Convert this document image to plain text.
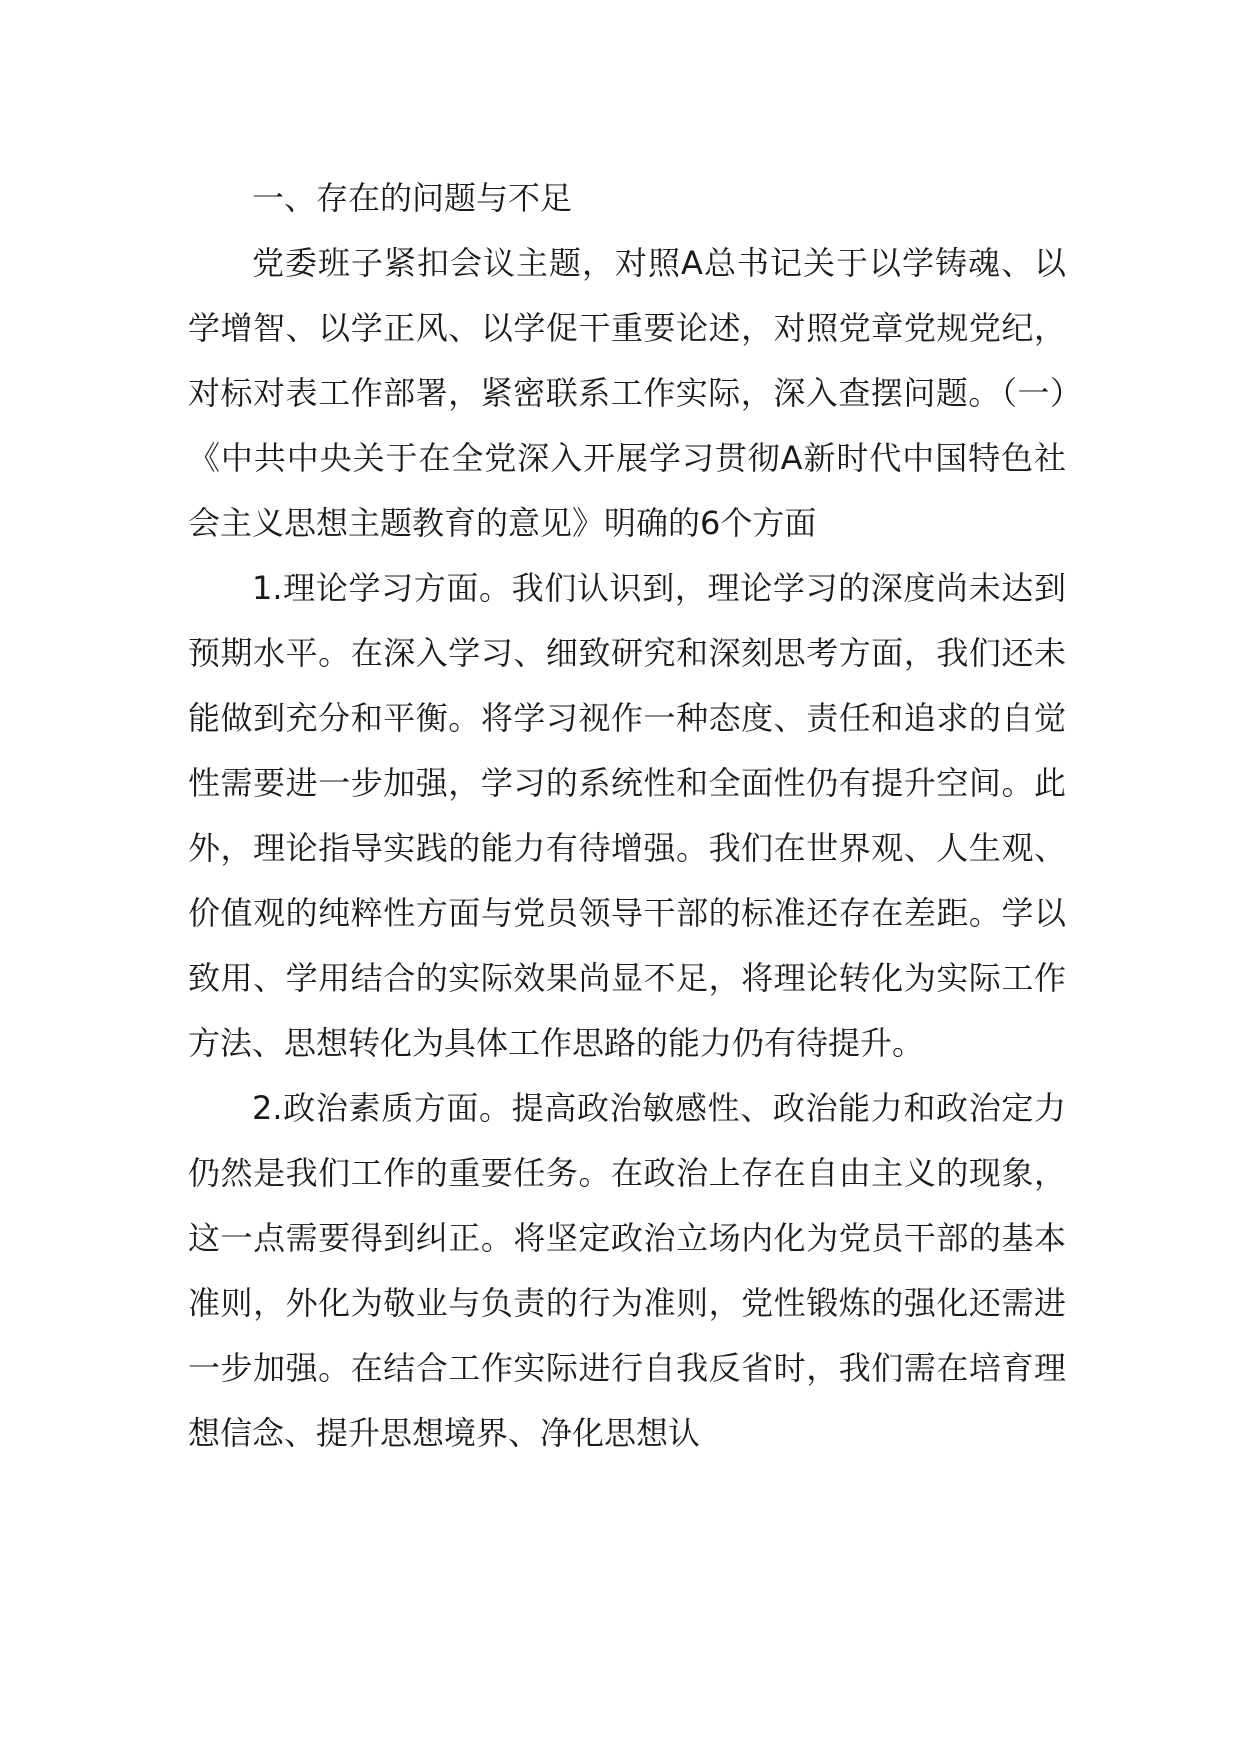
一、存在的问题与不足

党委班子紧扣会议主题，对照A总书记关于以学铸魂、以学增智、以学正风、以学促干重要论述，对照党章党规党纪，对标对表工作部署，紧密联系工作实际，深入查摆问题。（一）《中共中央关于在全党深入开展学习贯彻A新时代中国特色社会主义思想主题教育的意见》明确的6个方面

1.理论学习方面。我们认识到，理论学习的深度尚未达到预期水平。在深入学习、细致研究和深刻思考方面，我们还未能做到充分和平衡。将学习视作一种态度、责任和追求的自觉性需要进一步加强，学习的系统性和全面性仍有提升空间。此外，理论指导实践的能力有待增强。我们在世界观、人生观、价值观的纯粹性方面与党员领导干部的标准还存在差距。学以致用、学用结合的实际效果尚显不足，将理论转化为实际工作方法、思想转化为具体工作思路的能力仍有待提升。

2.政治素质方面。提高政治敏感性、政治能力和政治定力仍然是我们工作的重要任务。在政治上存在自由主义的现象，这一点需要得到纠正。将坚定政治立场内化为党员干部的基本准则，外化为敬业与负责的行为准则，党性锻炼的强化还需进一步加强。在结合工作实际进行自我反省时，我们需在培育理想信念、提升思想境界、净化思想认
